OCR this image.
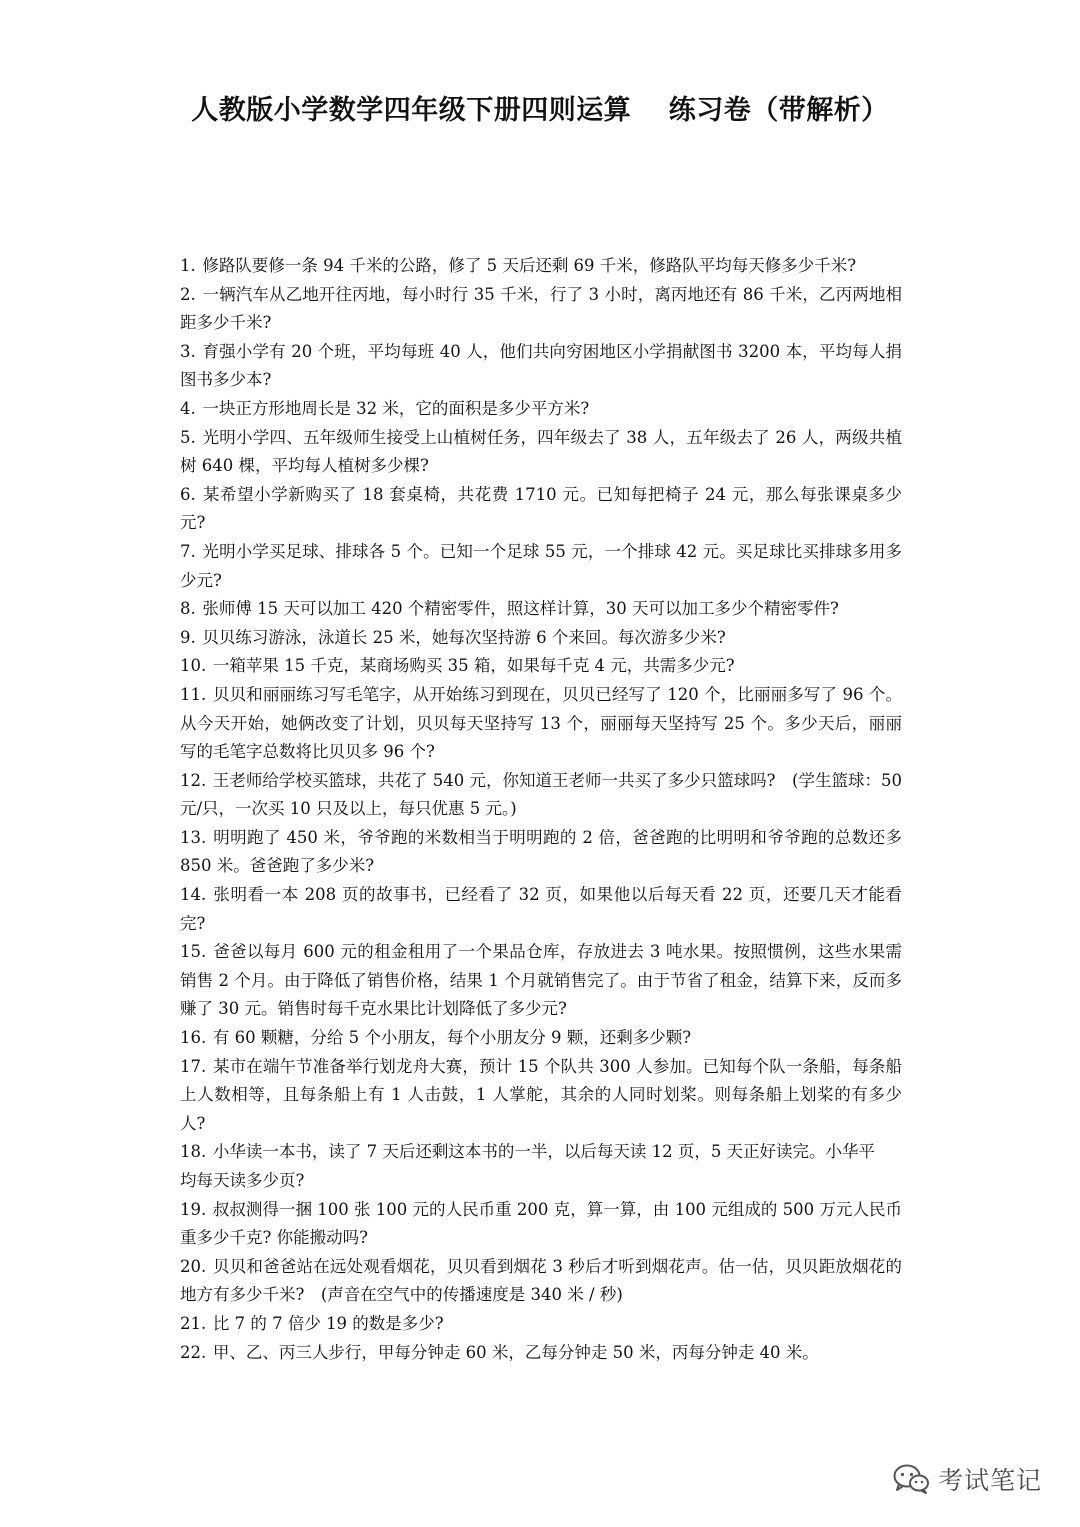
人教版小学数学四年级下册四则运算　 练习卷（带解析）

1. 修路队要修一条 94 千米的公路，修了 5 天后还剩 69 千米，修路队平均每天修多少千米?

2. 一辆汽车从乙地开往丙地，每小时行 35 千米，行了 3 小时，离丙地还有 86 千米，乙丙两地相距多少千米?

3. 育强小学有 20 个班，平均每班 40 人，他们共向穷困地区小学捐献图书 3200 本，平均每人捐图书多少本?

4. 一块正方形地周长是 32 米，它的面积是多少平方米?

5. 光明小学四、五年级师生接受上山植树任务，四年级去了 38 人，五年级去了 26 人，两级共植树 640 棵，平均每人植树多少棵?

6. 某希望小学新购买了 18 套桌椅，共花费 1710 元。已知每把椅子 24 元，那么每张课桌多少元?

7. 光明小学买足球、排球各 5 个。已知一个足球 55 元，一个排球 42 元。买足球比买排球多用多少元?

8. 张师傅 15 天可以加工 420 个精密零件，照这样计算，30 天可以加工多少个精密零件?

9. 贝贝练习游泳，泳道长 25 米，她每次坚持游 6 个来回。每次游多少米?

10. 一箱苹果 15 千克，某商场购买 35 箱，如果每千克 4 元，共需多少元?

11. 贝贝和丽丽练习写毛笔字，从开始练习到现在，贝贝已经写了 120 个，比丽丽多写了 96 个。从今天开始，她俩改变了计划，贝贝每天坚持写 13 个，丽丽每天坚持写 25 个。多少天后，丽丽写的毛笔字总数将比贝贝多 96 个?

12. 王老师给学校买篮球，共花了 540 元，你知道王老师一共买了多少只篮球吗?　(学生篮球：50 元/只，一次买 10 只及以上，每只优惠 5 元。)

13. 明明跑了 450 米，爷爷跑的米数相当于明明跑的 2 倍，爸爸跑的比明明和爷爷跑的总数还多 850 米。爸爸跑了多少米?

14. 张明看一本 208 页的故事书，已经看了 32 页，如果他以后每天看 22 页，还要几天才能看完?

15. 爸爸以每月 600 元的租金租用了一个果品仓库，存放进去 3 吨水果。按照惯例，这些水果需销售 2 个月。由于降低了销售价格，结果 1 个月就销售完了。由于节省了租金，结算下来，反而多赚了 30 元。销售时每千克水果比计划降低了多少元?

16. 有 60 颗糖，分给 5 个小朋友，每个小朋友分 9 颗，还剩多少颗?

17. 某市在端午节准备举行划龙舟大赛，预计 15 个队共 300 人参加。已知每个队一条船，每条船上人数相等，且每条船上有 1 人击鼓，1 人掌舵，其余的人同时划桨。则每条船上划桨的有多少人?

18. 小华读一本书，读了 7 天后还剩这本书的一半，以后每天读 12 页，5 天正好读完。小华平
均每天读多少页?

19. 叔叔测得一捆 100 张 100 元的人民币重 200 克，算一算，由 100 元组成的 500 万元人民币重多少千克? 你能搬动吗?

20. 贝贝和爸爸站在远处观看烟花，贝贝看到烟花 3 秒后才听到烟花声。估一估，贝贝距放烟花的地方有多少千米?　(声音在空气中的传播速度是 340 米 / 秒)

21. 比 7 的 7 倍少 19 的数是多少?

22. 甲、乙、丙三人步行，甲每分钟走 60 米，乙每分钟走 50 米，丙每分钟走 40 米。

考试笔记
